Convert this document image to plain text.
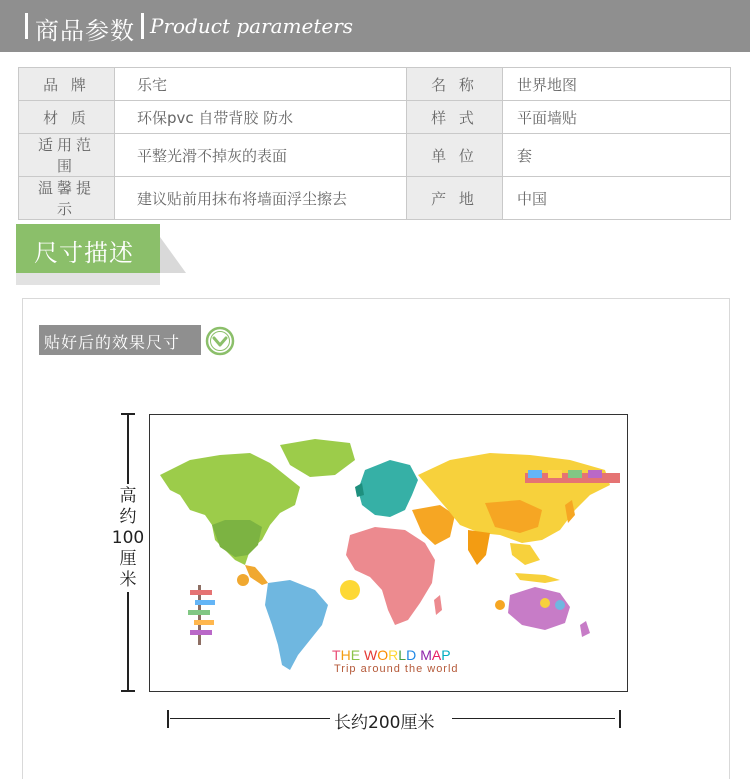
商品参数 Product parameters
品 牌	乐宅	名 称	世界地图
材 质	环保pvc 自带背胶 防水	样 式	平面墙贴
适用范围	平整光滑不掉灰的表面	单 位	套
温馨提示	建议贴前用抹布将墙面浮尘擦去	产 地	中国
尺寸描述
贴好后的效果尺寸
高
约
100
厘
米
THE WORLD MAP
Trip around the world
长约200厘米
